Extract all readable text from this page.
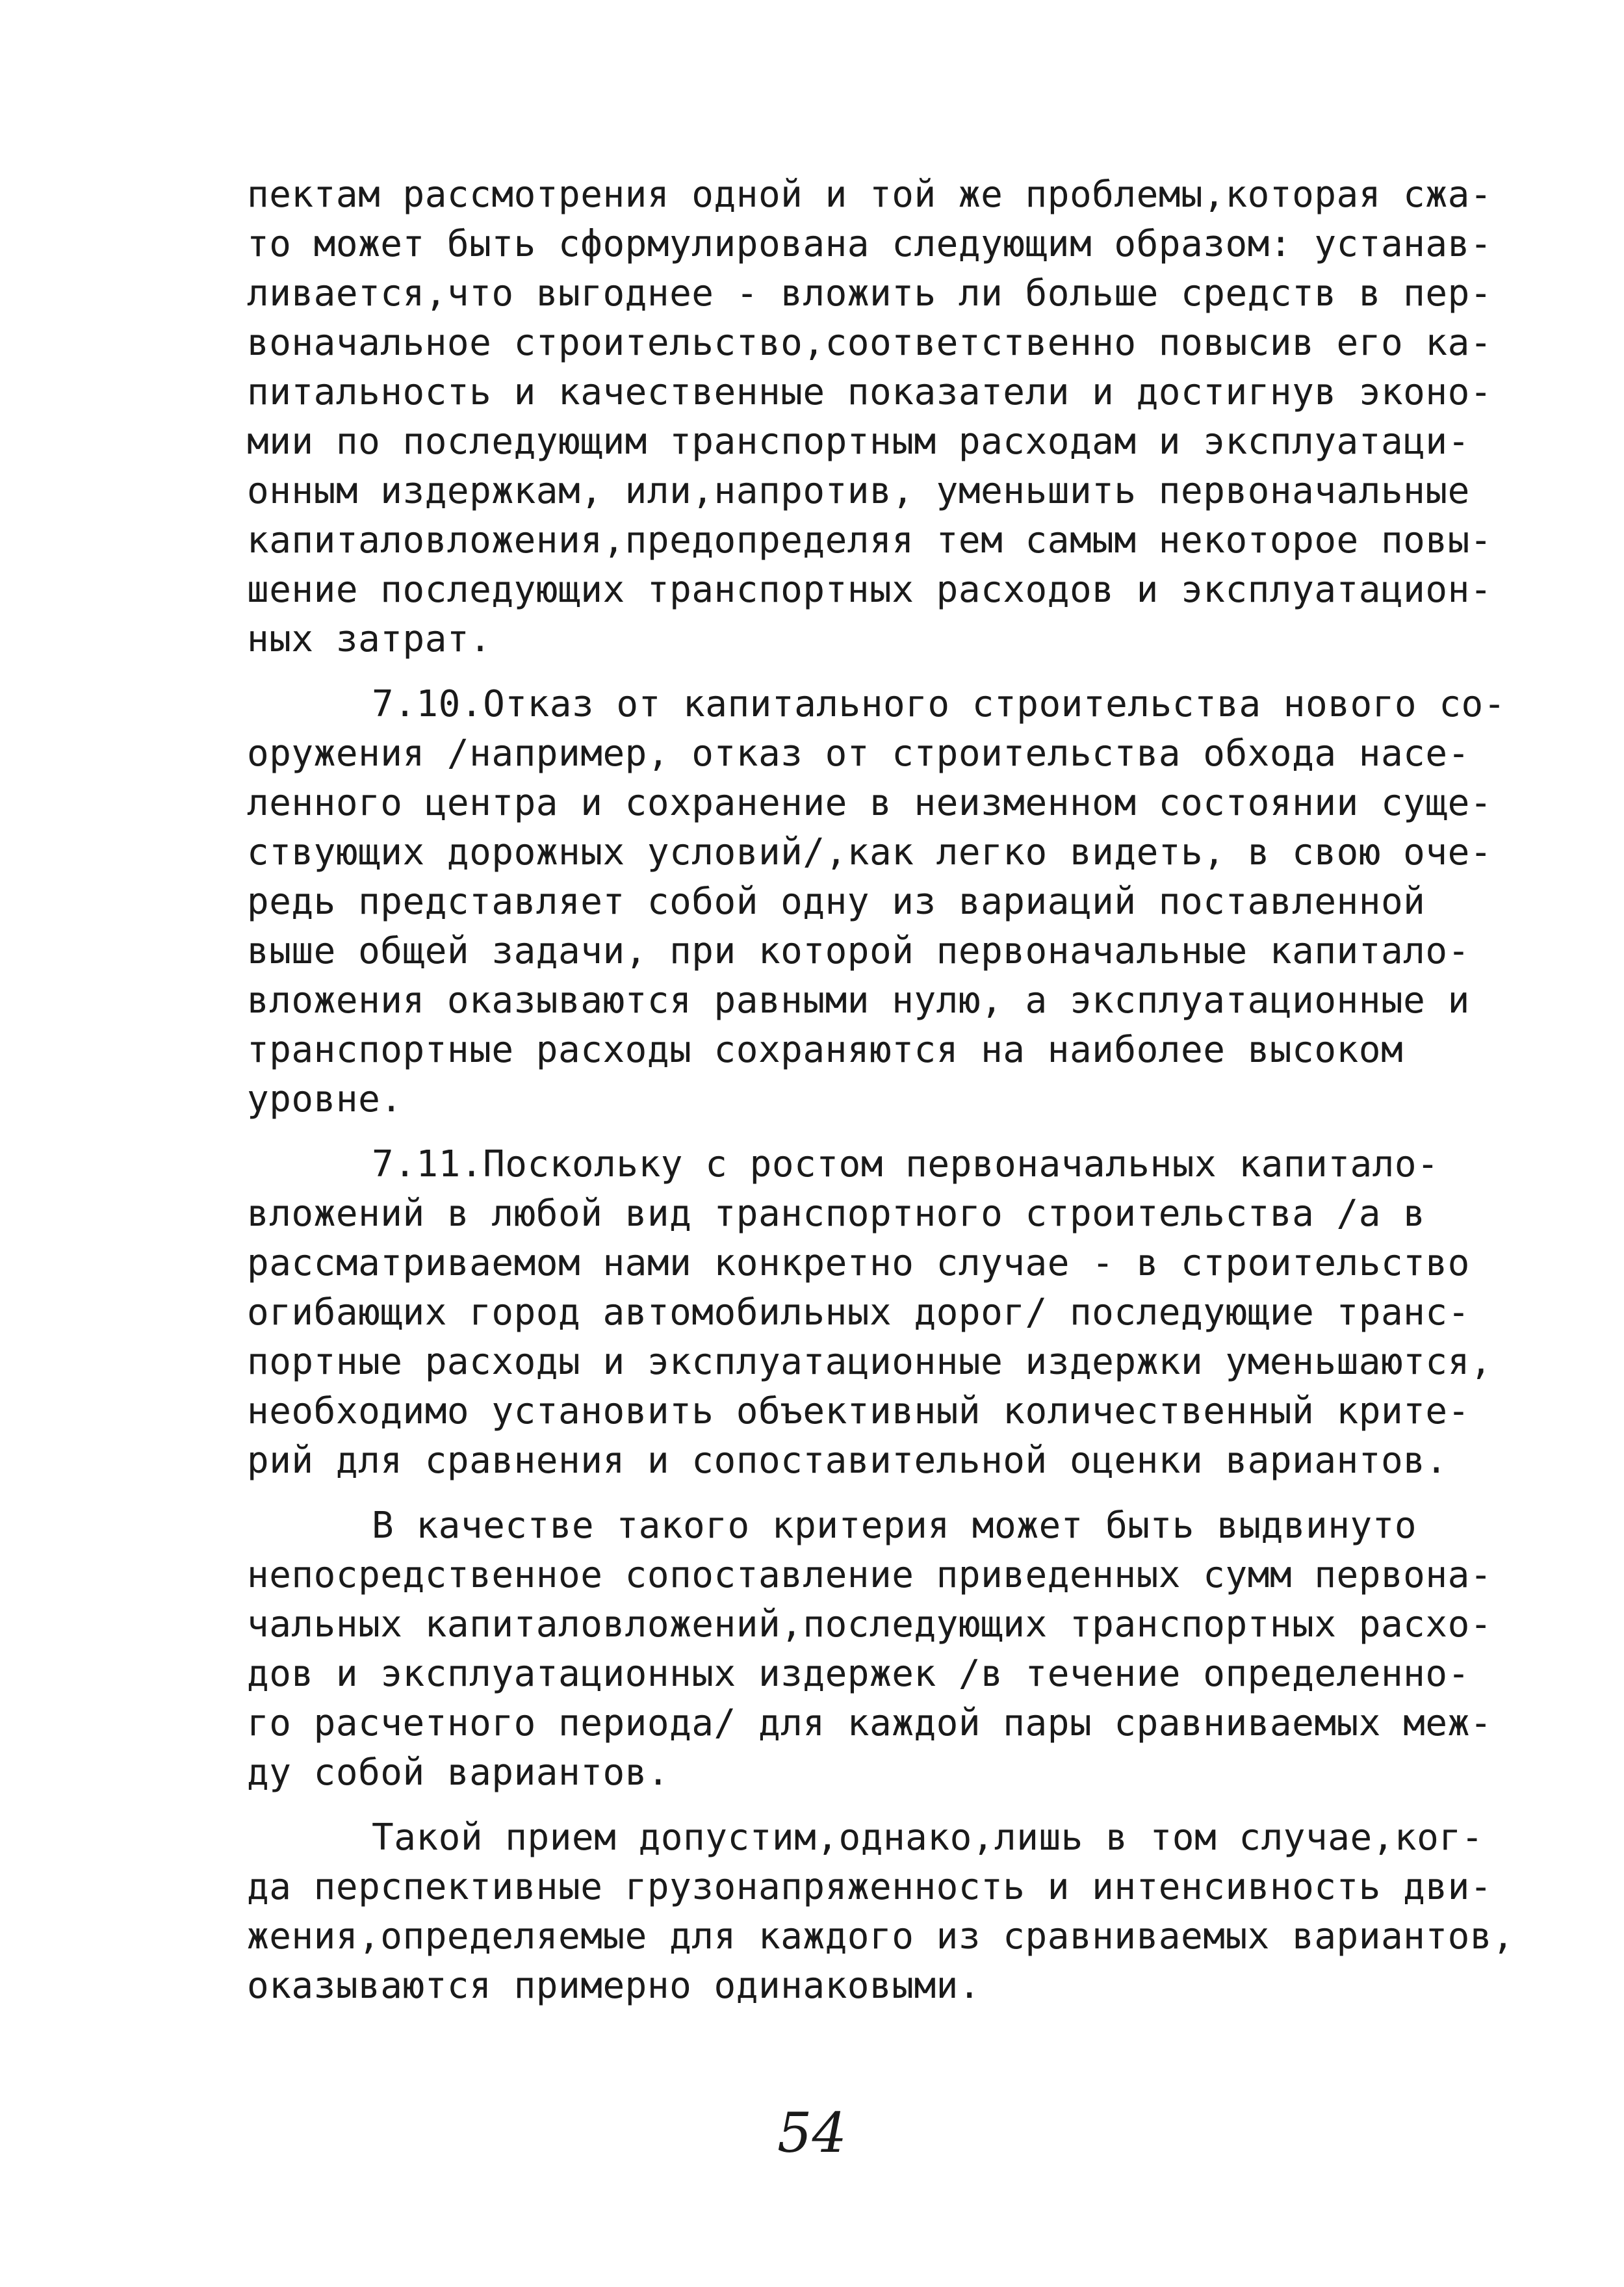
пектам рассмотрения одной и той же проблемы,которая сжа-
то может быть сформулирована следующим образом: устанав-
ливается,что выгоднее - вложить ли больше средств в пер-
воначальное строительство,соответственно повысив его ка-
питальность и качественные показатели и достигнув эконо-
мии по последующим транспортным расходам и эксплуатаци-
онным издержкам, или,напротив, уменьшить первоначальные
капиталовложения,предопределяя тем самым некоторое повы-
шение последующих транспортных расходов и эксплуатацион-
ных затрат.
7.10.Отказ от капитального строительства нового со-
оружения /например, отказ от строительства обхода насе-
ленного центра и сохранение в неизменном состоянии суще-
ствующих дорожных условий/,как легко видеть, в свою оче-
редь представляет собой одну из вариаций поставленной
выше общей задачи, при которой первоначальные капитало-
вложения оказываются равными нулю, а эксплуатационные и
транспортные расходы сохраняются на наиболее высоком
уровне.
7.11.Поскольку с ростом первоначальных капитало-
вложений в любой вид транспортного строительства /а в
рассматриваемом нами конкретно случае - в строительство
огибающих город автомобильных дорог/ последующие транс-
портные расходы и эксплуатационные издержки уменьшаются,
необходимо установить объективный количественный крите-
рий для сравнения и сопоставительной оценки вариантов.
В качестве такого критерия может быть выдвинуто
непосредственное сопоставление приведенных сумм первона-
чальных капиталовложений,последующих транспортных расхо-
дов и эксплуатационных издержек /в течение определенно-
го расчетного периода/ для каждой пары сравниваемых меж-
ду собой вариантов.
Такой прием допустим,однако,лишь в том случае,ког-
да перспективные грузонапряженность и интенсивность дви-
жения,определяемые для каждого из сравниваемых вариантов,
оказываются примерно одинаковыми.
54
